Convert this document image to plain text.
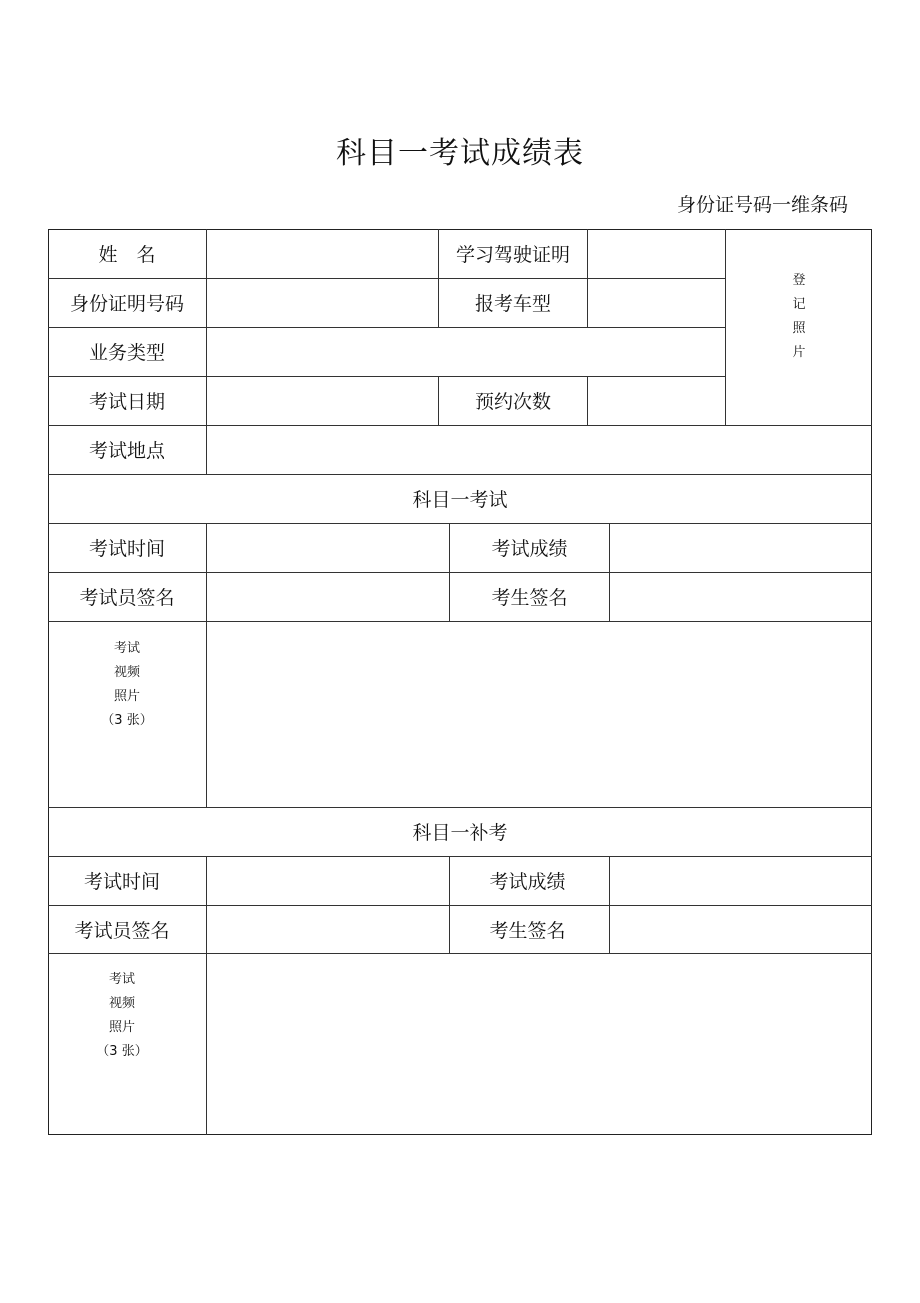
科目一考试成绩表
身份证号码一维条码
姓　名	学习驾驶证明
身份证明号码	报考车型
业务类型
考试日期	预约次数
登
记
照
片
考试地点
科目一考试
考试时间	考试成绩
考试员签名	考生签名
考试
视频
照片
（3 张）
科目一补考
考试时间	考试成绩
考试员签名	考生签名
考试
视频
照片
（3 张）
